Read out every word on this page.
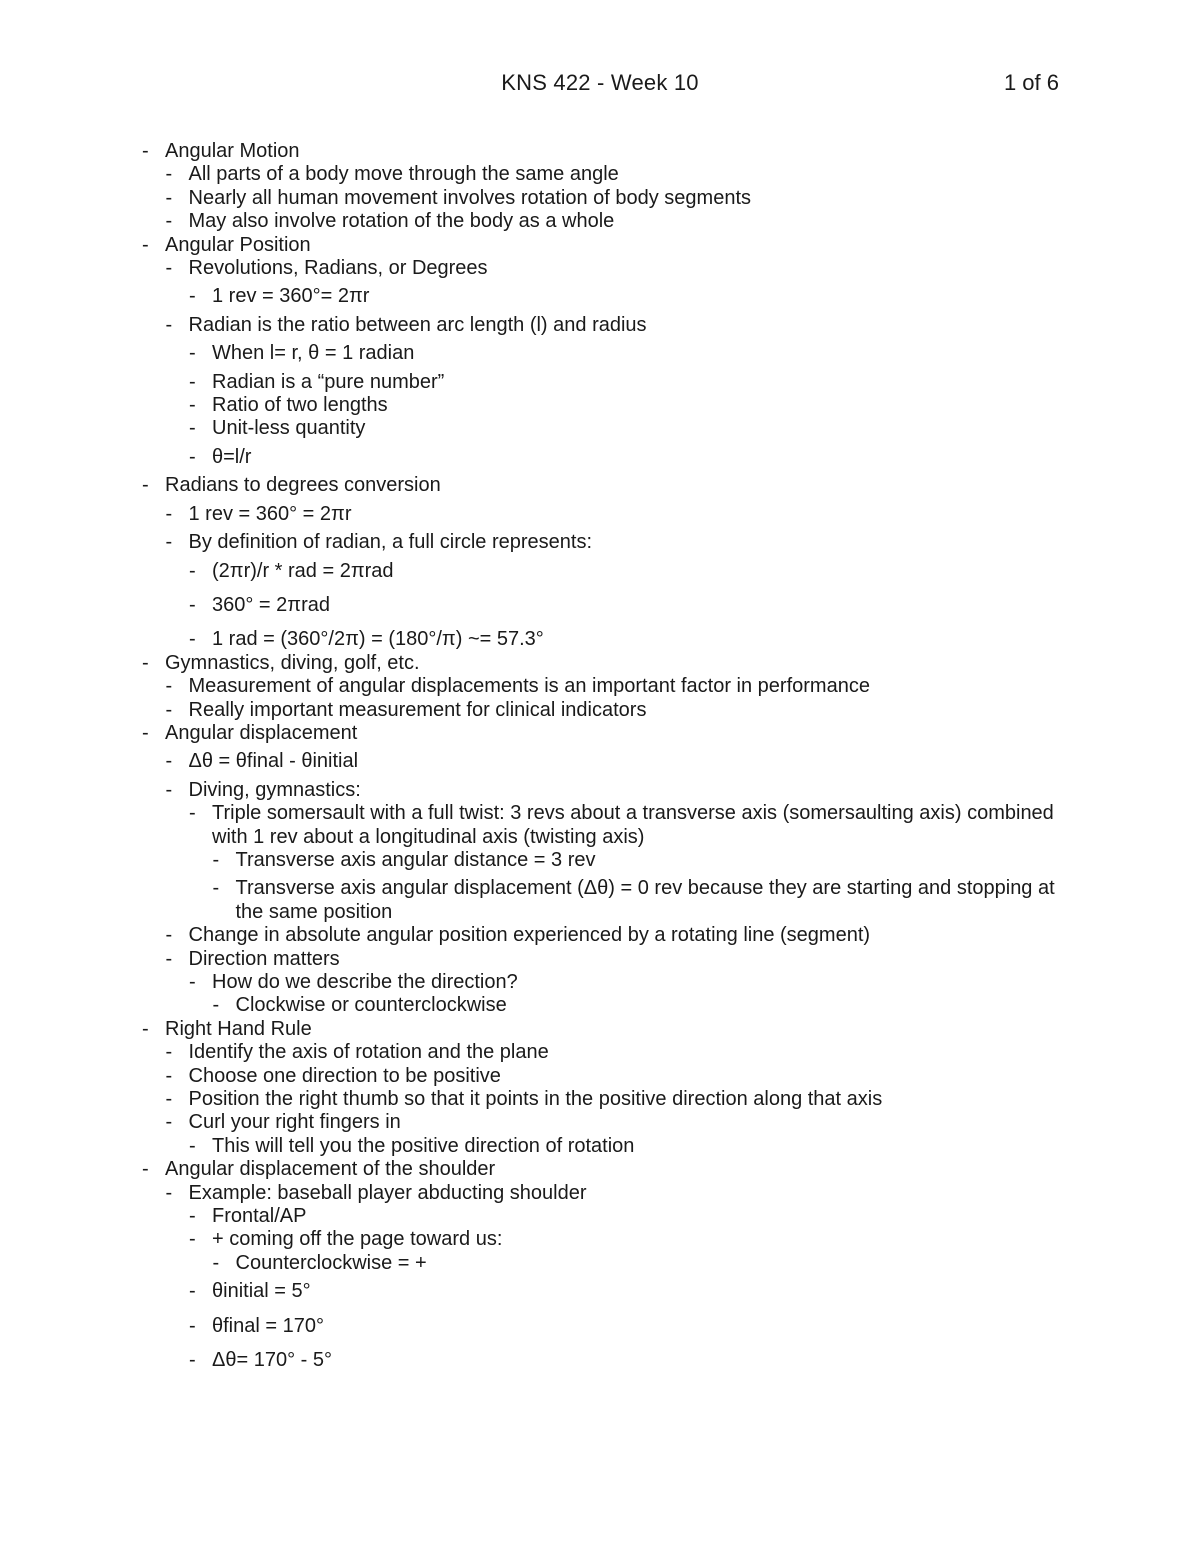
KNS 422 - Week 10	1 of 6
- Angular Motion
- All parts of a body move through the same angle
- Nearly all human movement involves rotation of body segments
- May also involve rotation of the body as a whole
- Angular Position
- Revolutions, Radians, or Degrees
- 1 rev = 360°= 2πr
- Radian is the ratio between arc length (l) and radius
- When l= r, θ = 1 radian
- Radian is a “pure number”
- Ratio of two lengths
- Unit-less quantity
- θ=l/r
- Radians to degrees conversion
- 1 rev = 360° = 2πr
- By definition of radian, a full circle represents:
- (2πr)/r * rad = 2πrad
- 360° = 2πrad
- 1 rad = (360°/2π) = (180°/π) ~= 57.3°
- Gymnastics, diving, golf, etc.
- Measurement of angular displacements is an important factor in performance
- Really important measurement for clinical indicators
- Angular displacement
- Δθ = θfinal - θinitial
- Diving, gymnastics:
- Triple somersault with a full twist: 3 revs about a transverse axis (somersaulting axis) combined with 1 rev about a longitudinal axis (twisting axis)
- Transverse axis angular distance = 3 rev
- Transverse axis angular displacement (Δθ) = 0 rev because they are starting and stopping at the same position
- Change in absolute angular position experienced by a rotating line (segment)
- Direction matters
- How do we describe the direction?
- Clockwise or counterclockwise
- Right Hand Rule
- Identify the axis of rotation and the plane
- Choose one direction to be positive
- Position the right thumb so that it points in the positive direction along that axis
- Curl your right fingers in
- This will tell you the positive direction of rotation
- Angular displacement of the shoulder
- Example: baseball player abducting shoulder
- Frontal/AP
- + coming off the page toward us:
- Counterclockwise = +
- θinitial = 5°
- θfinal = 170°
- Δθ= 170° - 5°
